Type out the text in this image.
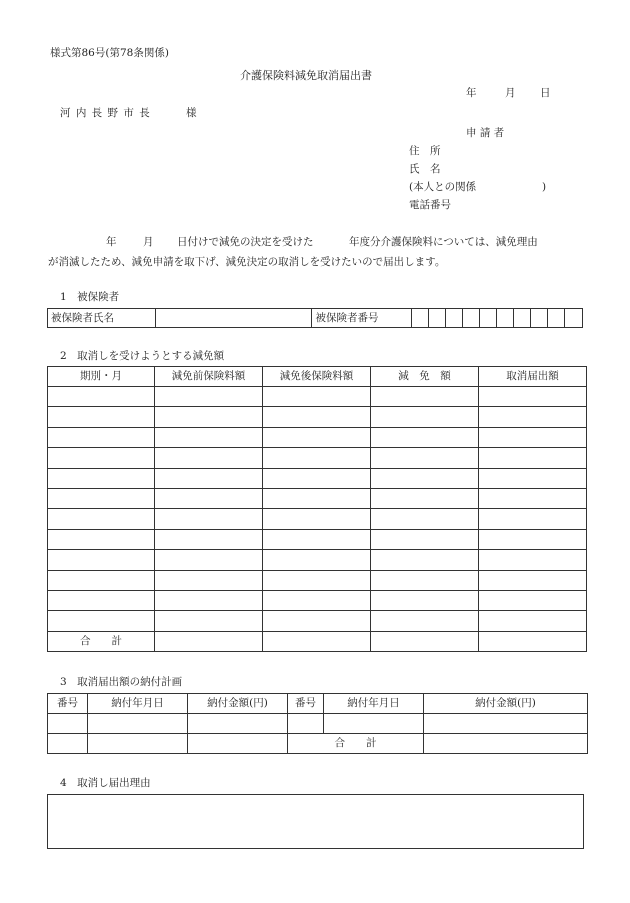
様式第86号(第78条関係)
介護保険料減免取消届出書
年	月 日
河 内 長 野 市 長	様
申 請 者
住　所
氏　名
(本人との関係	)
電話番号
年	月 日付けで減免の決定を受けた	年度分介護保険料については、減免理由
が消滅したため、減免申請を取下げ、減免決定の取消しを受けたいので届出します。
1　被保険者
被保険者氏名		被保険者番号										
2　取消しを受けようとする減免額
期別・月	減免前保険料額	減免後保険料額	減　免　額	取消届出額

合　　計				
3　取消届出額の納付計画
番号	納付年月日	納付金額(円)	番号	納付年月日	納付金額(円)

			合　　計		
4　取消し届出理由
